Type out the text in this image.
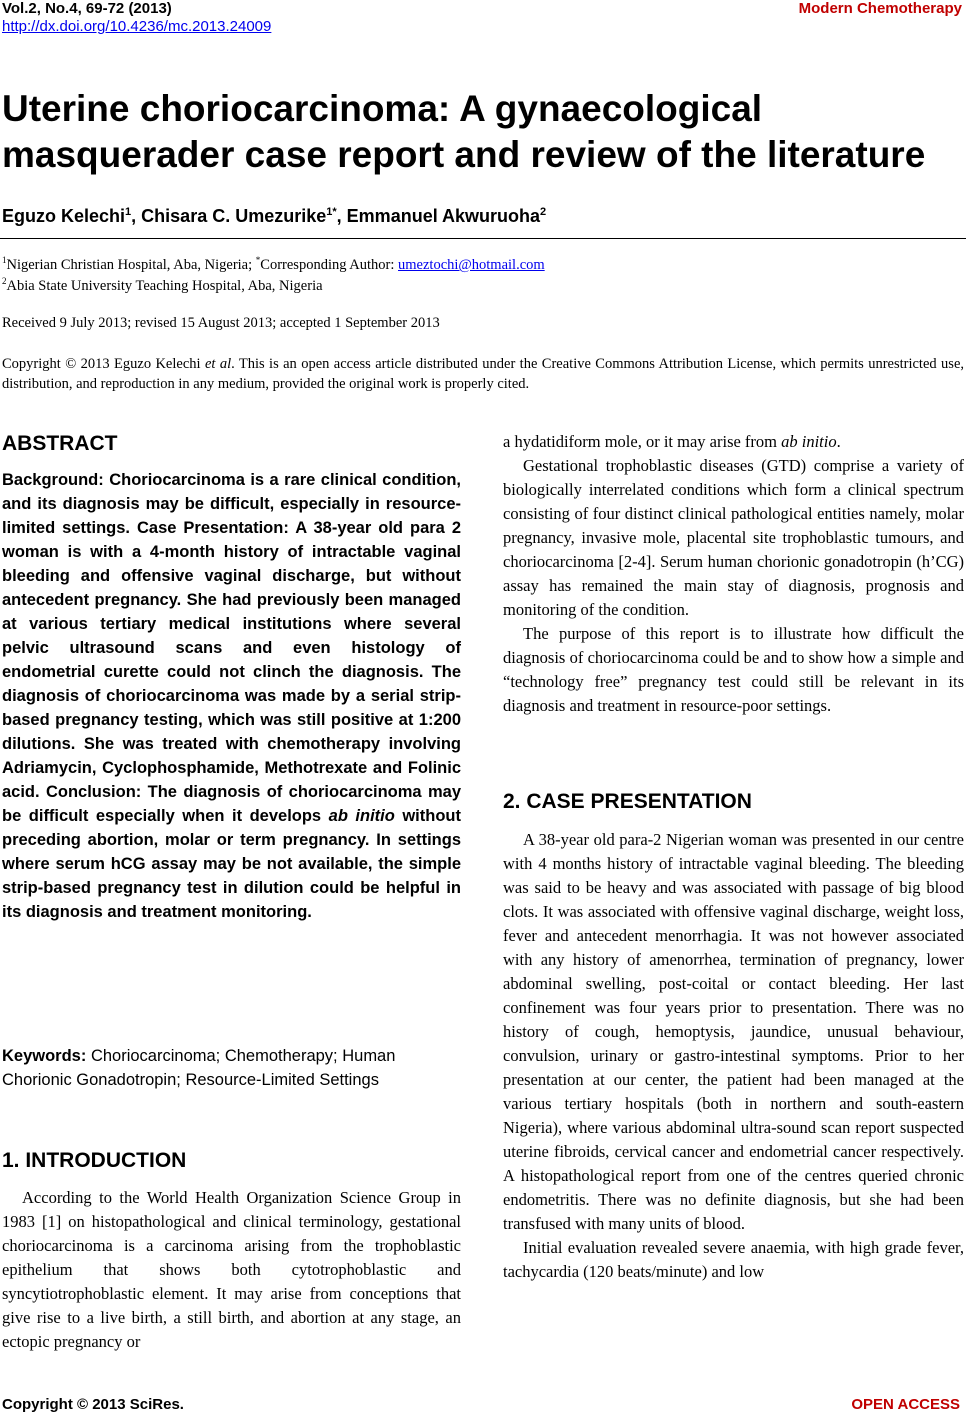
Vol.2, No.4, 69-72 (2013)	Modern Chemotherapy
http://dx.doi.org/10.4236/mc.2013.24009
Uterine choriocarcinoma: A gynaecological masquerader case report and review of the literature
Eguzo Kelechi$^1$, Chisara C. Umezurike$^{1*}$, Emmanuel Akwuruoha$^2$
$^1$Nigerian Christian Hospital, Aba, Nigeria; *Corresponding Author: umeztochi@hotmail.com
$^2$Abia State University Teaching Hospital, Aba, Nigeria
Received 9 July 2013; revised 15 August 2013; accepted 1 September 2013
Copyright © 2013 Eguzo Kelechi et al. This is an open access article distributed under the Creative Commons Attribution License, which permits unrestricted use, distribution, and reproduction in any medium, provided the original work is properly cited.
ABSTRACT
Background: Choriocarcinoma is a rare clinical condition, and its diagnosis may be difficult, especially in resource-limited settings. Case Presentation: A 38-year old para 2 woman is with a 4-month history of intractable vaginal bleeding and offensive vaginal discharge, but without antecedent pregnancy. She had previously been managed at various tertiary medical institutions where several pelvic ultrasound scans and even histology of endometrial curette could not clinch the diagnosis. The diagnosis of choriocarcinoma was made by a serial strip-based pregnancy testing, which was still positive at 1:200 dilutions. She was treated with chemotherapy involving Adriamycin, Cyclophosphamide, Methotrexate and Folinic acid. Conclusion: The diagnosis of choriocarcinoma may be difficult especially when it develops ab initio without preceding abortion, molar or term pregnancy. In settings where serum hCG assay may be not available, the simple strip-based pregnancy test in dilution could be helpful in its diagnosis and treatment monitoring.
Keywords: Choriocarcinoma; Chemotherapy; Human Chorionic Gonadotropin; Resource-Limited Settings
1. INTRODUCTION

According to the World Health Organization Science Group in 1983 [1] on histopathological and clinical terminology, gestational choriocarcinoma is a carcinoma arising from the trophoblastic epithelium that shows both cytotrophoblastic and syncytiotrophoblastic element. It may arise from conceptions that give rise to a live birth, a still birth, and abortion at any stage, an ectopic pregnancy or

a hydatidiform mole, or it may arise from ab initio.

Gestational trophoblastic diseases (GTD) comprise a variety of biologically interrelated conditions which form a clinical spectrum consisting of four distinct clinical pathological entities namely, molar pregnancy, invasive mole, placental site trophoblastic tumours, and choriocarcinoma [2-4]. Serum human chorionic gonadotropin (h’CG) assay has remained the main stay of diagnosis, prognosis and monitoring of the condition.

The purpose of this report is to illustrate how difficult the diagnosis of choriocarcinoma could be and to show how a simple and “technology free” pregnancy test could still be relevant in its diagnosis and treatment in resource-poor settings.

2. CASE PRESENTATION

A 38-year old para-2 Nigerian woman was presented in our centre with 4 months history of intractable vaginal bleeding. The bleeding was said to be heavy and was associated with passage of big blood clots. It was associated with offensive vaginal discharge, weight loss, fever and antecedent menorrhagia. It was not however associated with any history of amenorrhea, termination of pregnancy, lower abdominal swelling, post-coital or contact bleeding. Her last confinement was four years prior to presentation. There was no history of cough, hemoptysis, jaundice, unusual behaviour, convulsion, urinary or gastro-intestinal symptoms. Prior to her presentation at our center, the patient had been managed at the various tertiary hospitals (both in northern and south-eastern Nigeria), where various abdominal ultra-sound scan report suspected uterine fibroids, cervical cancer and endometrial cancer respectively. A histopathological report from one of the centres queried chronic endometritis. There was no definite diagnosis, but she had been transfused with many units of blood.

Initial evaluation revealed severe anaemia, with high grade fever, tachycardia (120 beats/minute) and low

Copyright © 2013 SciRes.	OPEN ACCESS
